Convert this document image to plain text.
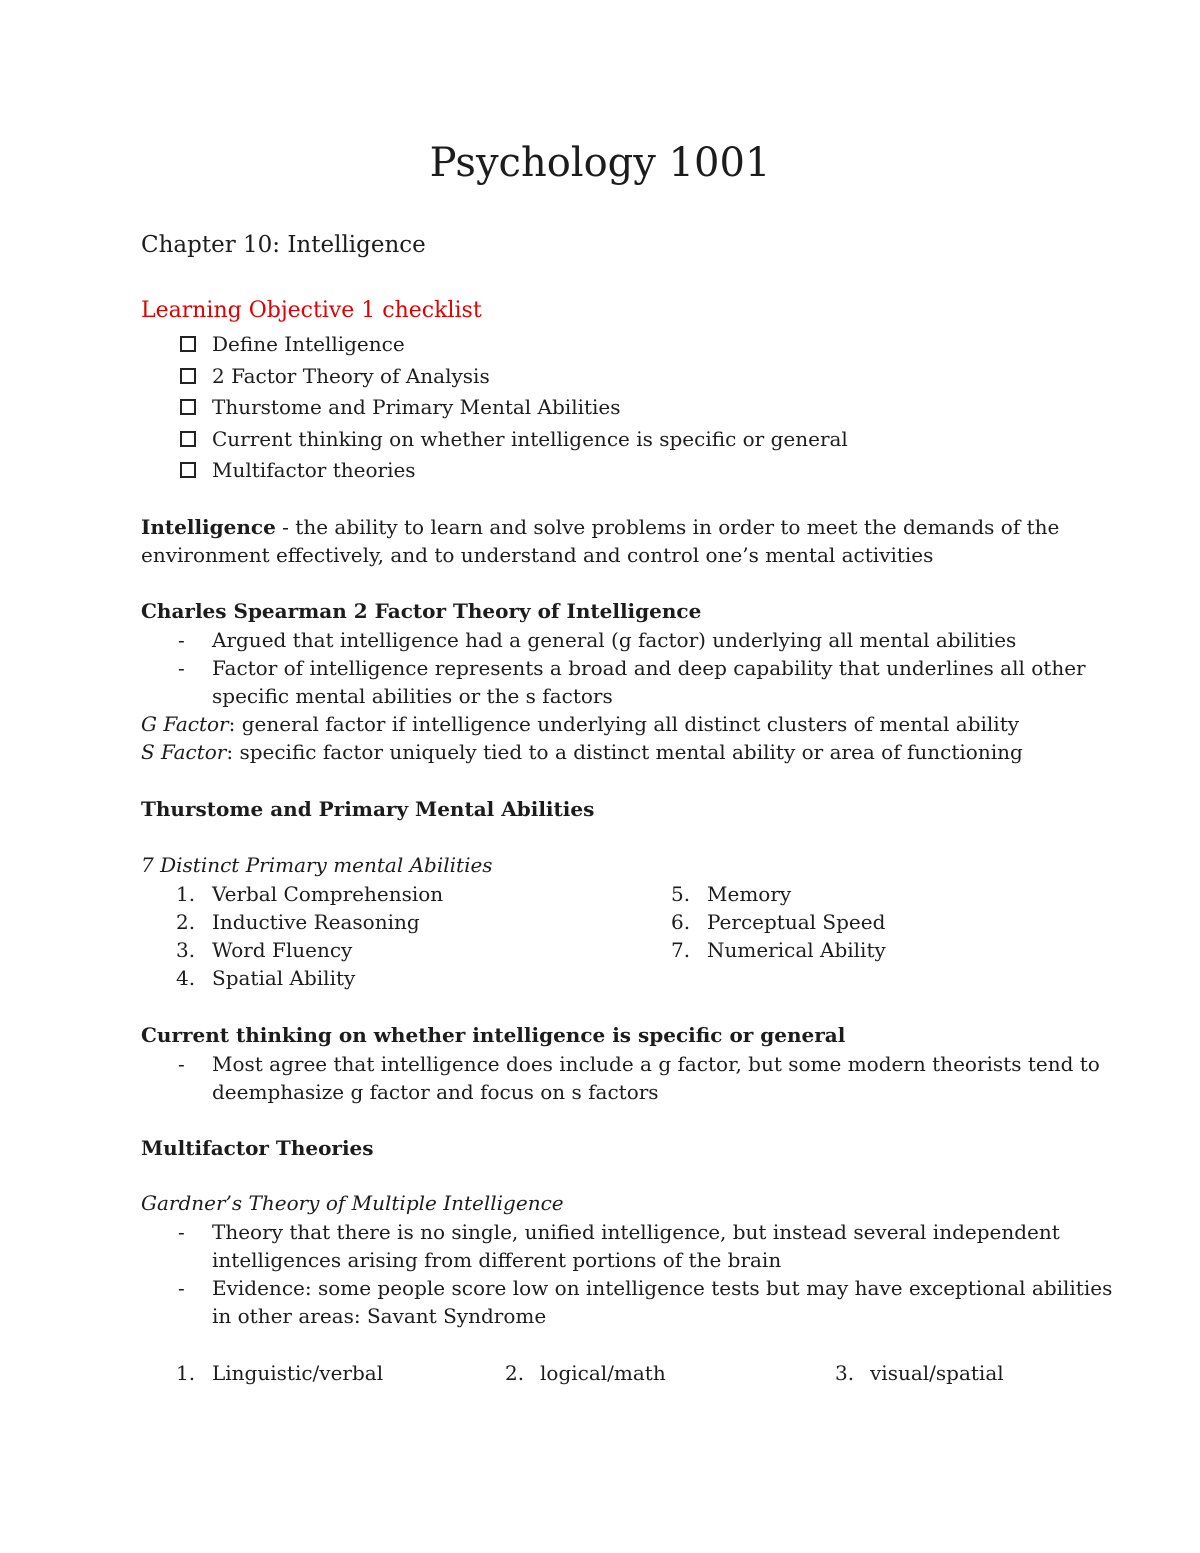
Psychology 1001
Chapter 10: Intelligence
Learning Objective 1 checklist
Define Intelligence
2 Factor Theory of Analysis
Thurstome and Primary Mental Abilities
Current thinking on whether intelligence is specific or general
Multifactor theories
Intelligence - the ability to learn and solve problems in order to meet the demands of the
environment effectively, and to understand and control one’s mental activities
Charles Spearman 2 Factor Theory of Intelligence
- Argued that intelligence had a general (g factor) underlying all mental abilities
- Factor of intelligence represents a broad and deep capability that underlines all other
specific mental abilities or the s factors
G Factor: general factor if intelligence underlying all distinct clusters of mental ability
S Factor: specific factor uniquely tied to a distinct mental ability or area of functioning
Thurstome and Primary Mental Abilities
7 Distinct Primary mental Abilities
1. Verbal Comprehension
2. Inductive Reasoning
3. Word Fluency
4. Spatial Ability
5. Memory
6. Perceptual Speed
7. Numerical Ability
Current thinking on whether intelligence is specific or general
- Most agree that intelligence does include a g factor, but some modern theorists tend to
deemphasize g factor and focus on s factors
Multifactor Theories
Gardner’s Theory of Multiple Intelligence
- Theory that there is no single, unified intelligence, but instead several independent
intelligences arising from different portions of the brain
- Evidence: some people score low on intelligence tests but may have exceptional abilities
in other areas: Savant Syndrome
1. Linguistic/verbal	2. logical/math	3. visual/spatial
